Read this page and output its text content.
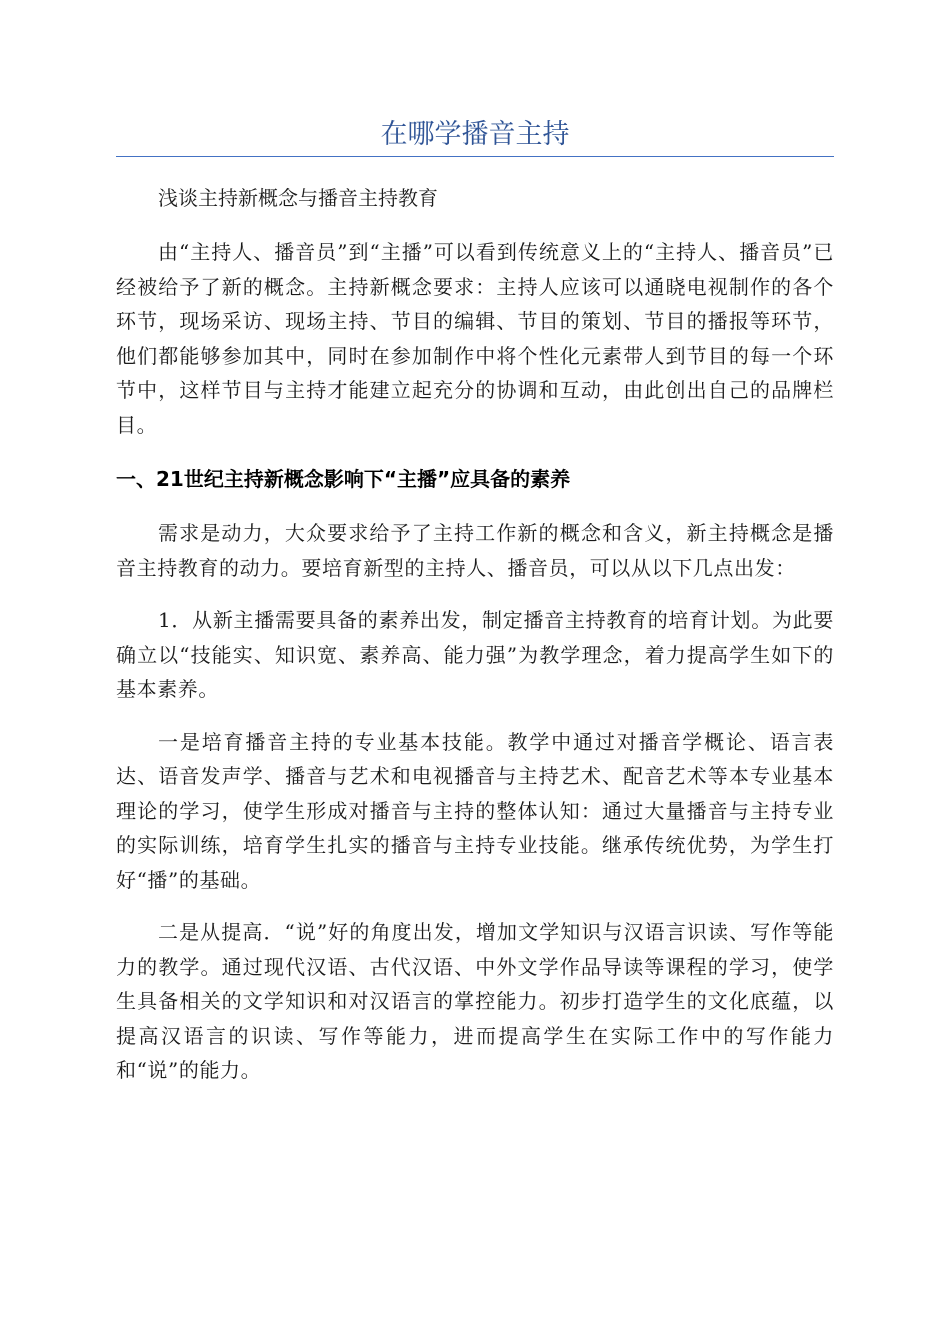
在哪学播音主持
浅谈主持新概念与播音主持教育

由“主持人、播音员”到“主播”可以看到传统意义上的“主持人、播音员”已经被给予了新的概念。主持新概念要求：主持人应该可以通晓电视制作的各个环节，现场采访、现场主持、节目的编辑、节目的策划、节目的播报等环节，他们都能够参加其中，同时在参加制作中将个性化元素带人到节目的每一个环节中，这样节目与主持才能建立起充分的协调和互动，由此创出自己的品牌栏目。

一、21世纪主持新概念影响下“主播”应具备的素养

需求是动力，大众要求给予了主持工作新的概念和含义，新主持概念是播音主持教育的动力。要培育新型的主持人、播音员，可以从以下几点出发：

1．从新主播需要具备的素养出发，制定播音主持教育的培育计划。为此要确立以“技能实、知识宽、素养高、能力强”为教学理念，着力提高学生如下的基本素养。

一是培育播音主持的专业基本技能。教学中通过对播音学概论、语言表达、语音发声学、播音与艺术和电视播音与主持艺术、配音艺术等本专业基本理论的学习，使学生形成对播音与主持的整体认知：通过大量播音与主持专业的实际训练，培育学生扎实的播音与主持专业技能。继承传统优势，为学生打好“播”的基础。

二是从提高．“说”好的角度出发，增加文学知识与汉语言识读、写作等能力的教学。通过现代汉语、古代汉语、中外文学作品导读等课程的学习，使学生具备相关的文学知识和对汉语言的掌控能力。初步打造学生的文化底蕴，以提高汉语言的识读、写作等能力，进而提高学生在实际工作中的写作能力和“说”的能力。
